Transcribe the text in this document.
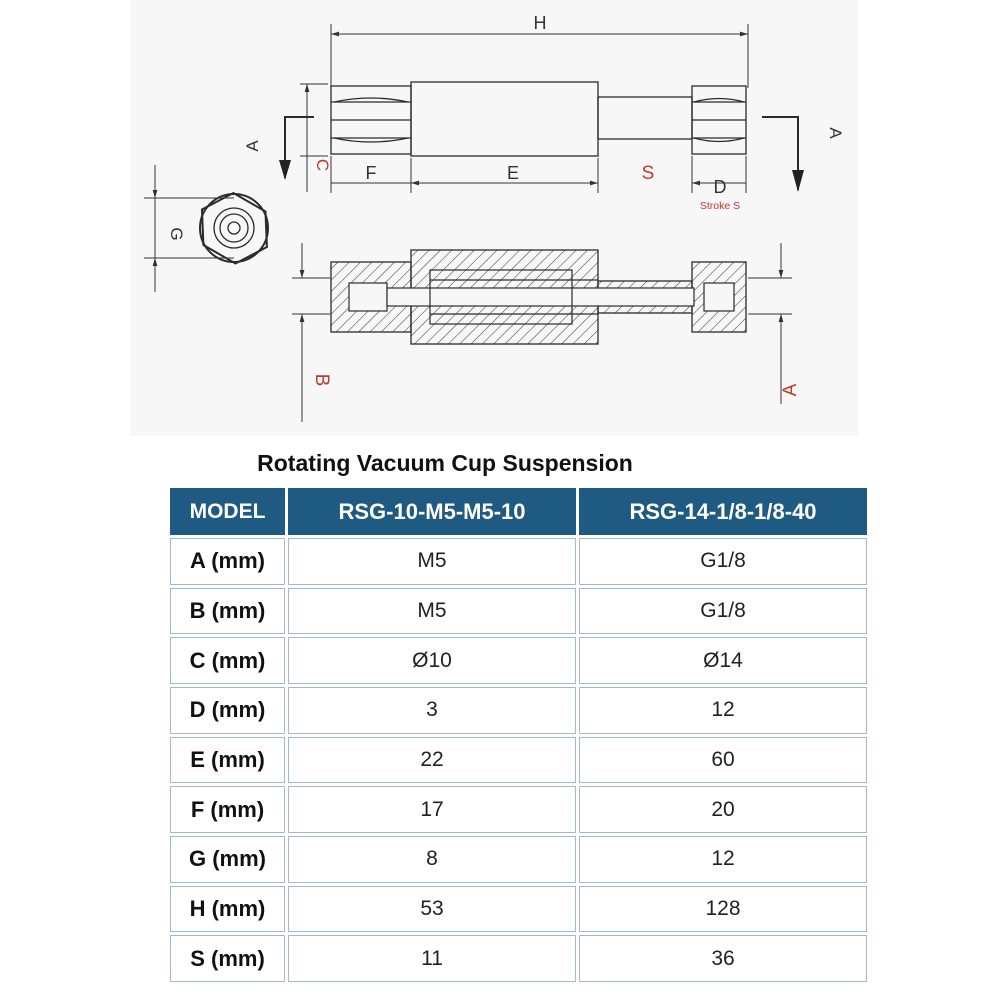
H
A
A
C F	E	S
D
Stroke S
G
B
A
Rotating Vacuum Cup Suspension
MODEL	RSG-10-M5-M5-10	RSG-14-1/8-1/8-40
A (mm)	M5	G1/8
B (mm)	M5	G1/8
C (mm)	Ø10	Ø14
D (mm)	3	12
E (mm)	22	60
F (mm)	17	20
G (mm)	8	12
H (mm)	53	128
S (mm)	11	36
